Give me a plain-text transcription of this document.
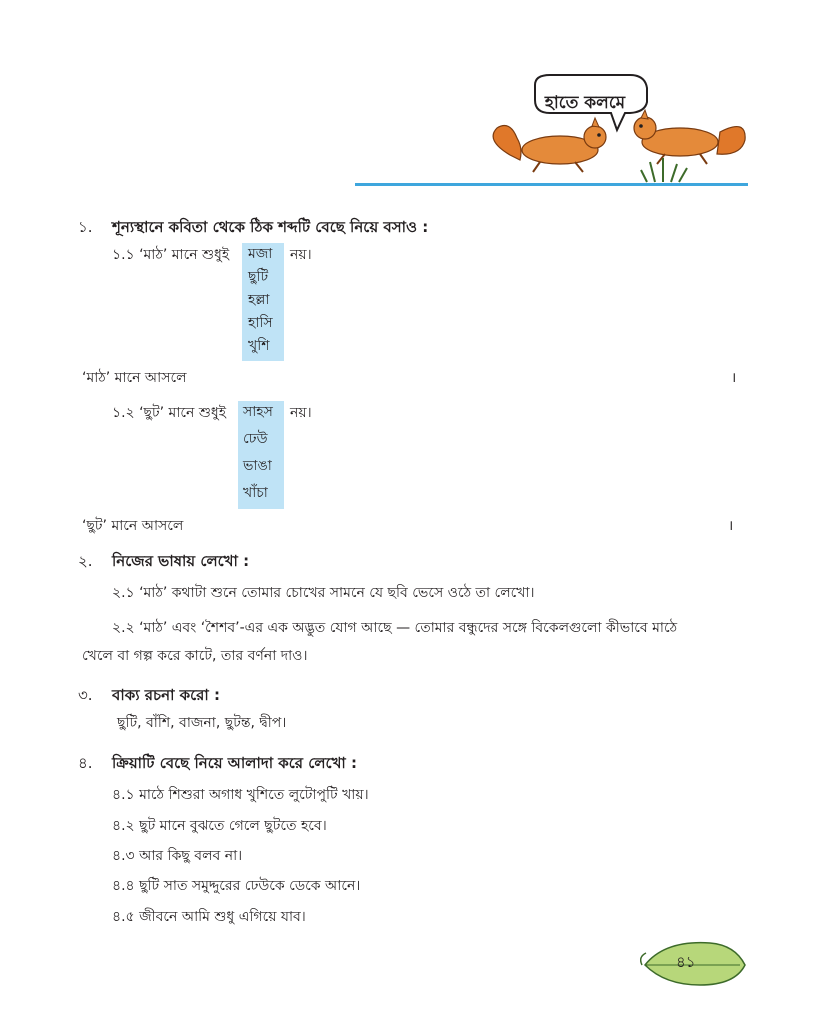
হাতে কলমে
১. শূন্যস্থানে কবিতা থেকে ঠিক শব্দটি বেছে নিয়ে বসাও :
১.১ ‘মাঠ’ মানে শুধুই মজা
ছুটি
হল্লা
হাসি
খুশি
নয়।
‘মাঠ’ মানে আসলে	।
১.২ ‘ছুট’ মানে শুধুই সাহস
ঢেউ
ভাঙা
খাঁচা
নয়।
‘ছুট’ মানে আসলে	।
২. নিজের ভাষায় লেখো :
২.১ ‘মাঠ’ কথাটা শুনে তোমার চোখের সামনে যে ছবি ভেসে ওঠে তা লেখো।
২.২ ‘মাঠ’ এবং ‘শৈশব’-এর এক অদ্ভুত যোগ আছে — তোমার বন্ধুদের সঙ্গে বিকেলগুলো কীভাবে মাঠে
খেলে বা গল্প করে কাটে, তার বর্ণনা দাও।
৩. বাক্য রচনা করো :
ছুটি, বাঁশি, বাজনা, ছুটন্ত, দ্বীপ।
৪. ক্রিয়াটি বেছে নিয়ে আলাদা করে লেখো :
৪.১ মাঠে শিশুরা অগাধ খুশিতে লুটোপুটি খায়।
৪.২ ছুট মানে বুঝতে গেলে ছুটতে হবে।
৪.৩ আর কিছু বলব না।
৪.৪ ছুটি সাত সমুদ্দুরের ঢেউকে ডেকে আনে।
৪.৫ জীবনে আমি শুধু এগিয়ে যাব।
৪১
